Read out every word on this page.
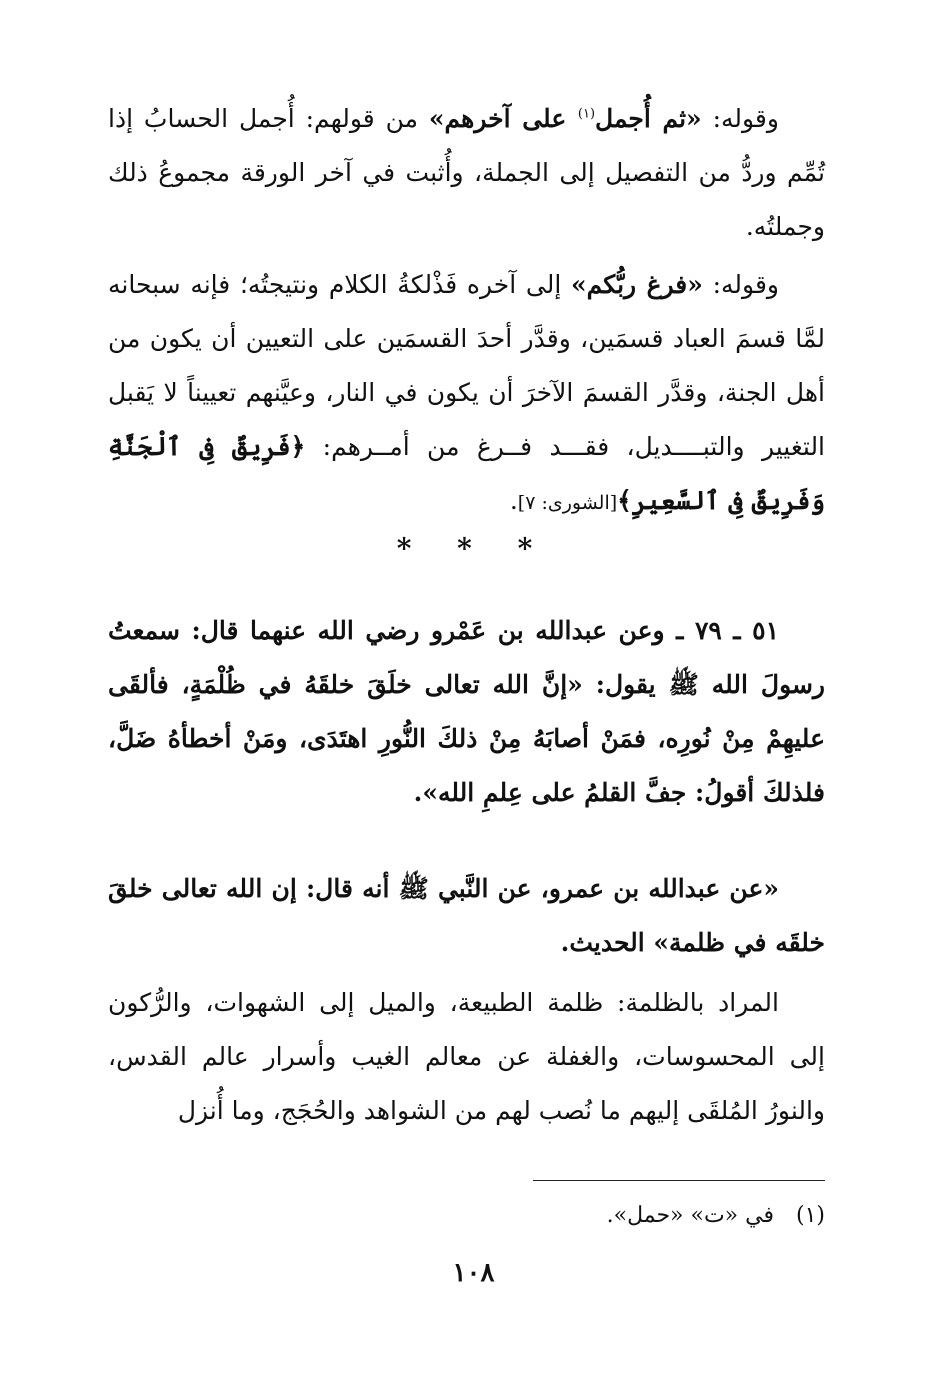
وقوله: «ثم أُجمل$^{(١)}$ على آخرهم» من قولهم: أُجمل الحسابُ إذا تُمِّم وردُّ من التفصيل إلى الجملة، وأُثبت في آخر الورقة مجموعُ ذلك وجملتُه.
وقوله: «فرغ ربُّكم» إلى آخره فَذْلكةُ الكلام ونتيجتُه؛ فإنه سبحانه لمَّا قسمَ العباد قسمَين، وقدَّر أحدَ القسمَين على التعيين أن يكون من أهل الجنة، وقدَّر القسمَ الآخرَ أن يكون في النار، وعيَّنهم تعييناً لا يَقبل التغيير والتبــــديل، فقـــد فــرغ من أمــرهم: ﴿فَرِيقٌ فِى ٱلْجَنَّةِ وَفَرِيقٌ فِى ٱلسَّعِيرِ﴾[الشورى: ٧].
* * *
٥١ ـ ٧٩ ـ وعن عبدالله بن عَمْرو رضي الله عنهما قال: سمعتُ رسولَ الله ﷺ يقول: «إنَّ الله تعالى خلَقَ خلقَهُ في ظُلْمَةٍ، فألقَى عليهِمْ مِنْ نُورِه، فمَنْ أصابَهُ مِنْ ذلكَ النُّورِ اهتَدَى، ومَنْ أخطأهُ ضَلَّ، فلذلكَ أقولُ: جفَّ القلمُ على عِلمِ الله».
«عن عبدالله بن عمرو، عن النَّبي ﷺ أنه قال: إن الله تعالى خلقَ خلقَه في ظلمة» الحديث.
المراد بالظلمة: ظلمة الطبيعة، والميل إلى الشهوات، والرُّكون إلى المحسوسات، والغفلة عن معالم الغيب وأسرار عالم القدس، والنورُ المُلقَى إليهم ما نُصب لهم من الشواهد والحُجَج، وما أُنزل
(١)في «ت» «حمل».
١٠٨
